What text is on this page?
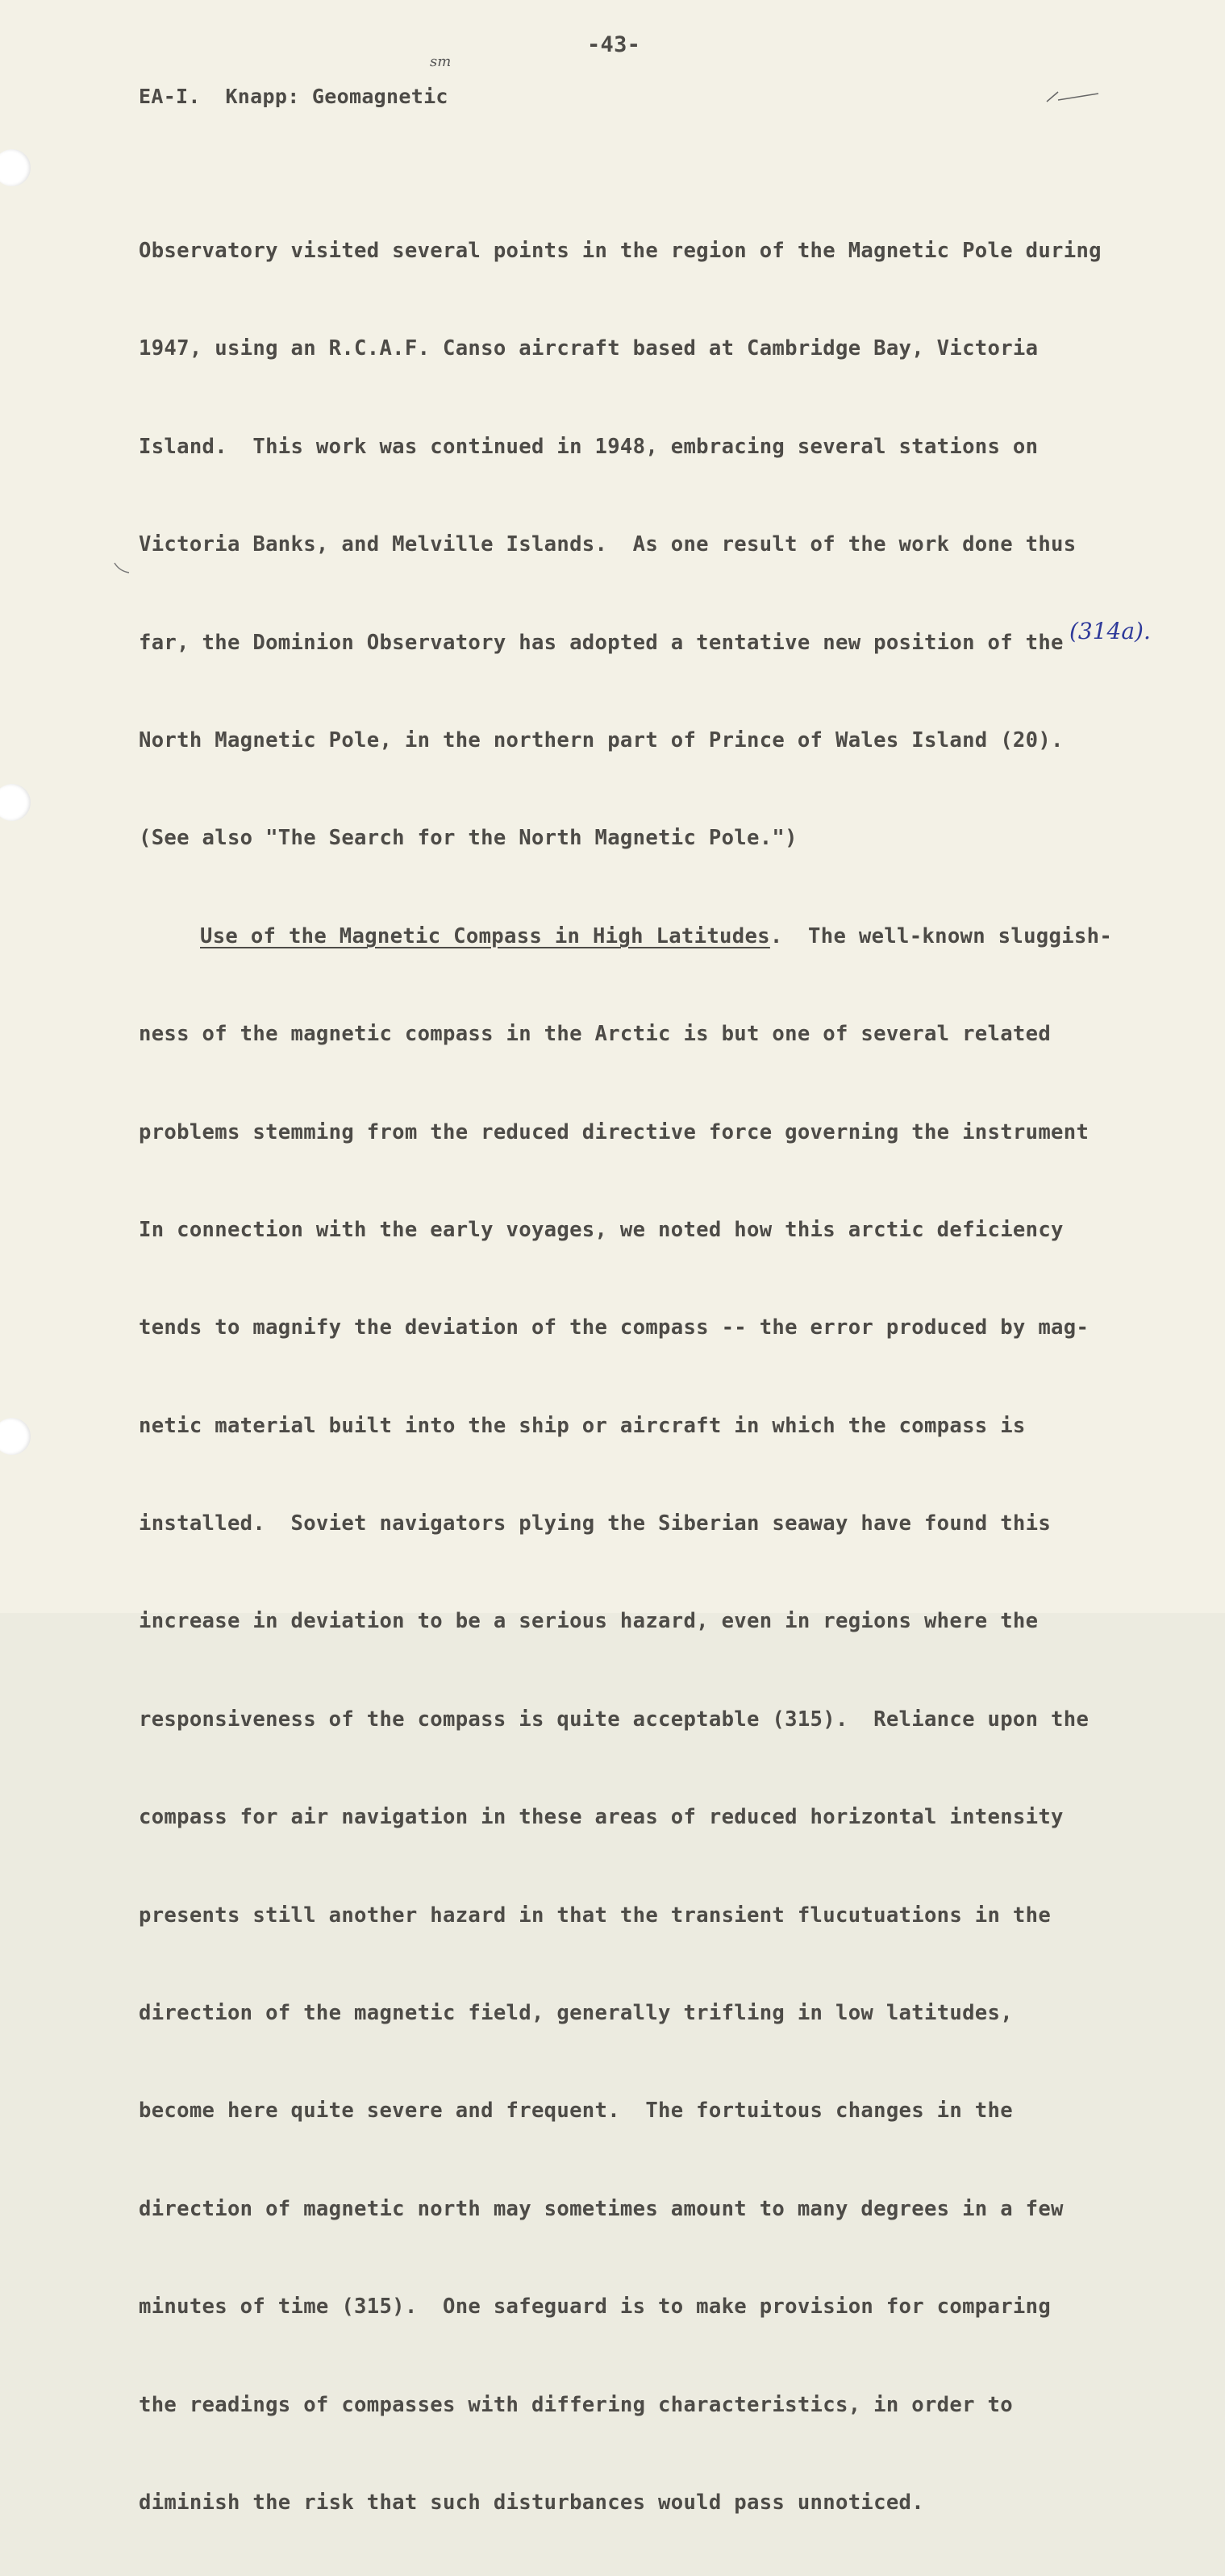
-43-
EA-I.  Knapp: Geomagnetic
sm

Observatory visited several points in the region of the Magnetic Pole during

1947, using an R.C.A.F. Canso aircraft based at Cambridge Bay, Victoria

Island.  This work was continued in 1948, embracing several stations on

Victoria Banks, and Melville Islands.  As one result of the work done thus

far, the Dominion Observatory has adopted a tentative new position of the

North Magnetic Pole, in the northern part of Prince of Wales Island (20).

(See also "The Search for the North Magnetic Pole.")

Use of the Magnetic Compass in High Latitudes.  The well-known sluggish-

ness of the magnetic compass in the Arctic is but one of several related

problems stemming from the reduced directive force governing the instrument

In connection with the early voyages, we noted how this arctic deficiency

tends to magnify the deviation of the compass -- the error produced by mag-

netic material built into the ship or aircraft in which the compass is

installed.  Soviet navigators plying the Siberian seaway have found this

increase in deviation to be a serious hazard, even in regions where the

responsiveness of the compass is quite acceptable (315).  Reliance upon the

compass for air navigation in these areas of reduced horizontal intensity

presents still another hazard in that the transient flucutuations in the

direction of the magnetic field, generally trifling in low latitudes,

become here quite severe and frequent.  The fortuitous changes in the

direction of magnetic north may sometimes amount to many degrees in a few

minutes of time (315).  One safeguard is to make provision for comparing

the readings of compasses with differing characteristics, in order to

diminish the risk that such disturbances would pass unnoticed.

(314a).
